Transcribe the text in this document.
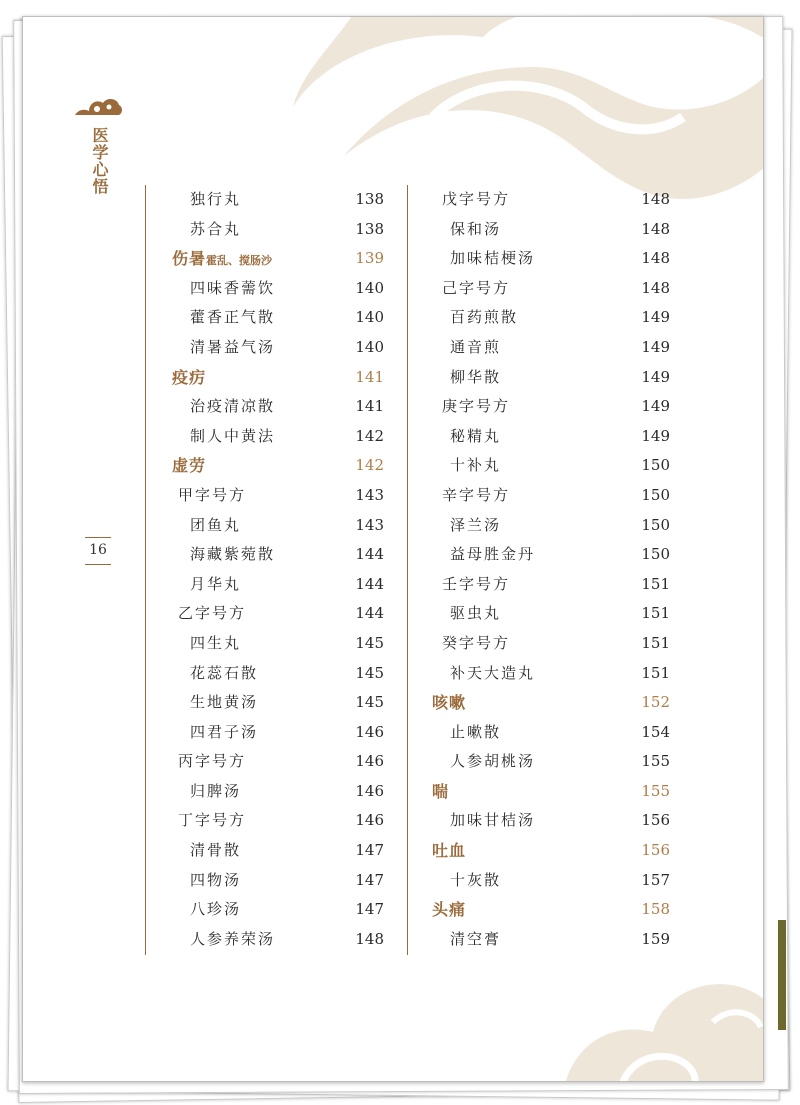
医学心悟
16
独行丸	138
苏合丸	138
伤暑霍乱、搅肠沙	139
四味香薷饮	140
藿香正气散	140
清暑益气汤	140
疫疠	141
治疫清凉散	141
制人中黄法	142
虚劳	142
甲字号方	143
团鱼丸	143
海藏紫菀散	144
月华丸	144
乙字号方	144
四生丸	145
花蕊石散	145
生地黄汤	145
四君子汤	146
丙字号方	146
归脾汤	146
丁字号方	146
清骨散	147
四物汤	147
八珍汤	147
人参养荣汤	148
戊字号方	148
保和汤	148
加味桔梗汤	148
己字号方	148
百药煎散	149
通音煎	149
柳华散	149
庚字号方	149
秘精丸	149
十补丸	150
辛字号方	150
泽兰汤	150
益母胜金丹	150
壬字号方	151
驱虫丸	151
癸字号方	151
补天大造丸	151
咳嗽	152
止嗽散	154
人参胡桃汤	155
喘	155
加味甘桔汤	156
吐血	156
十灰散	157
头痛	158
清空膏	159
